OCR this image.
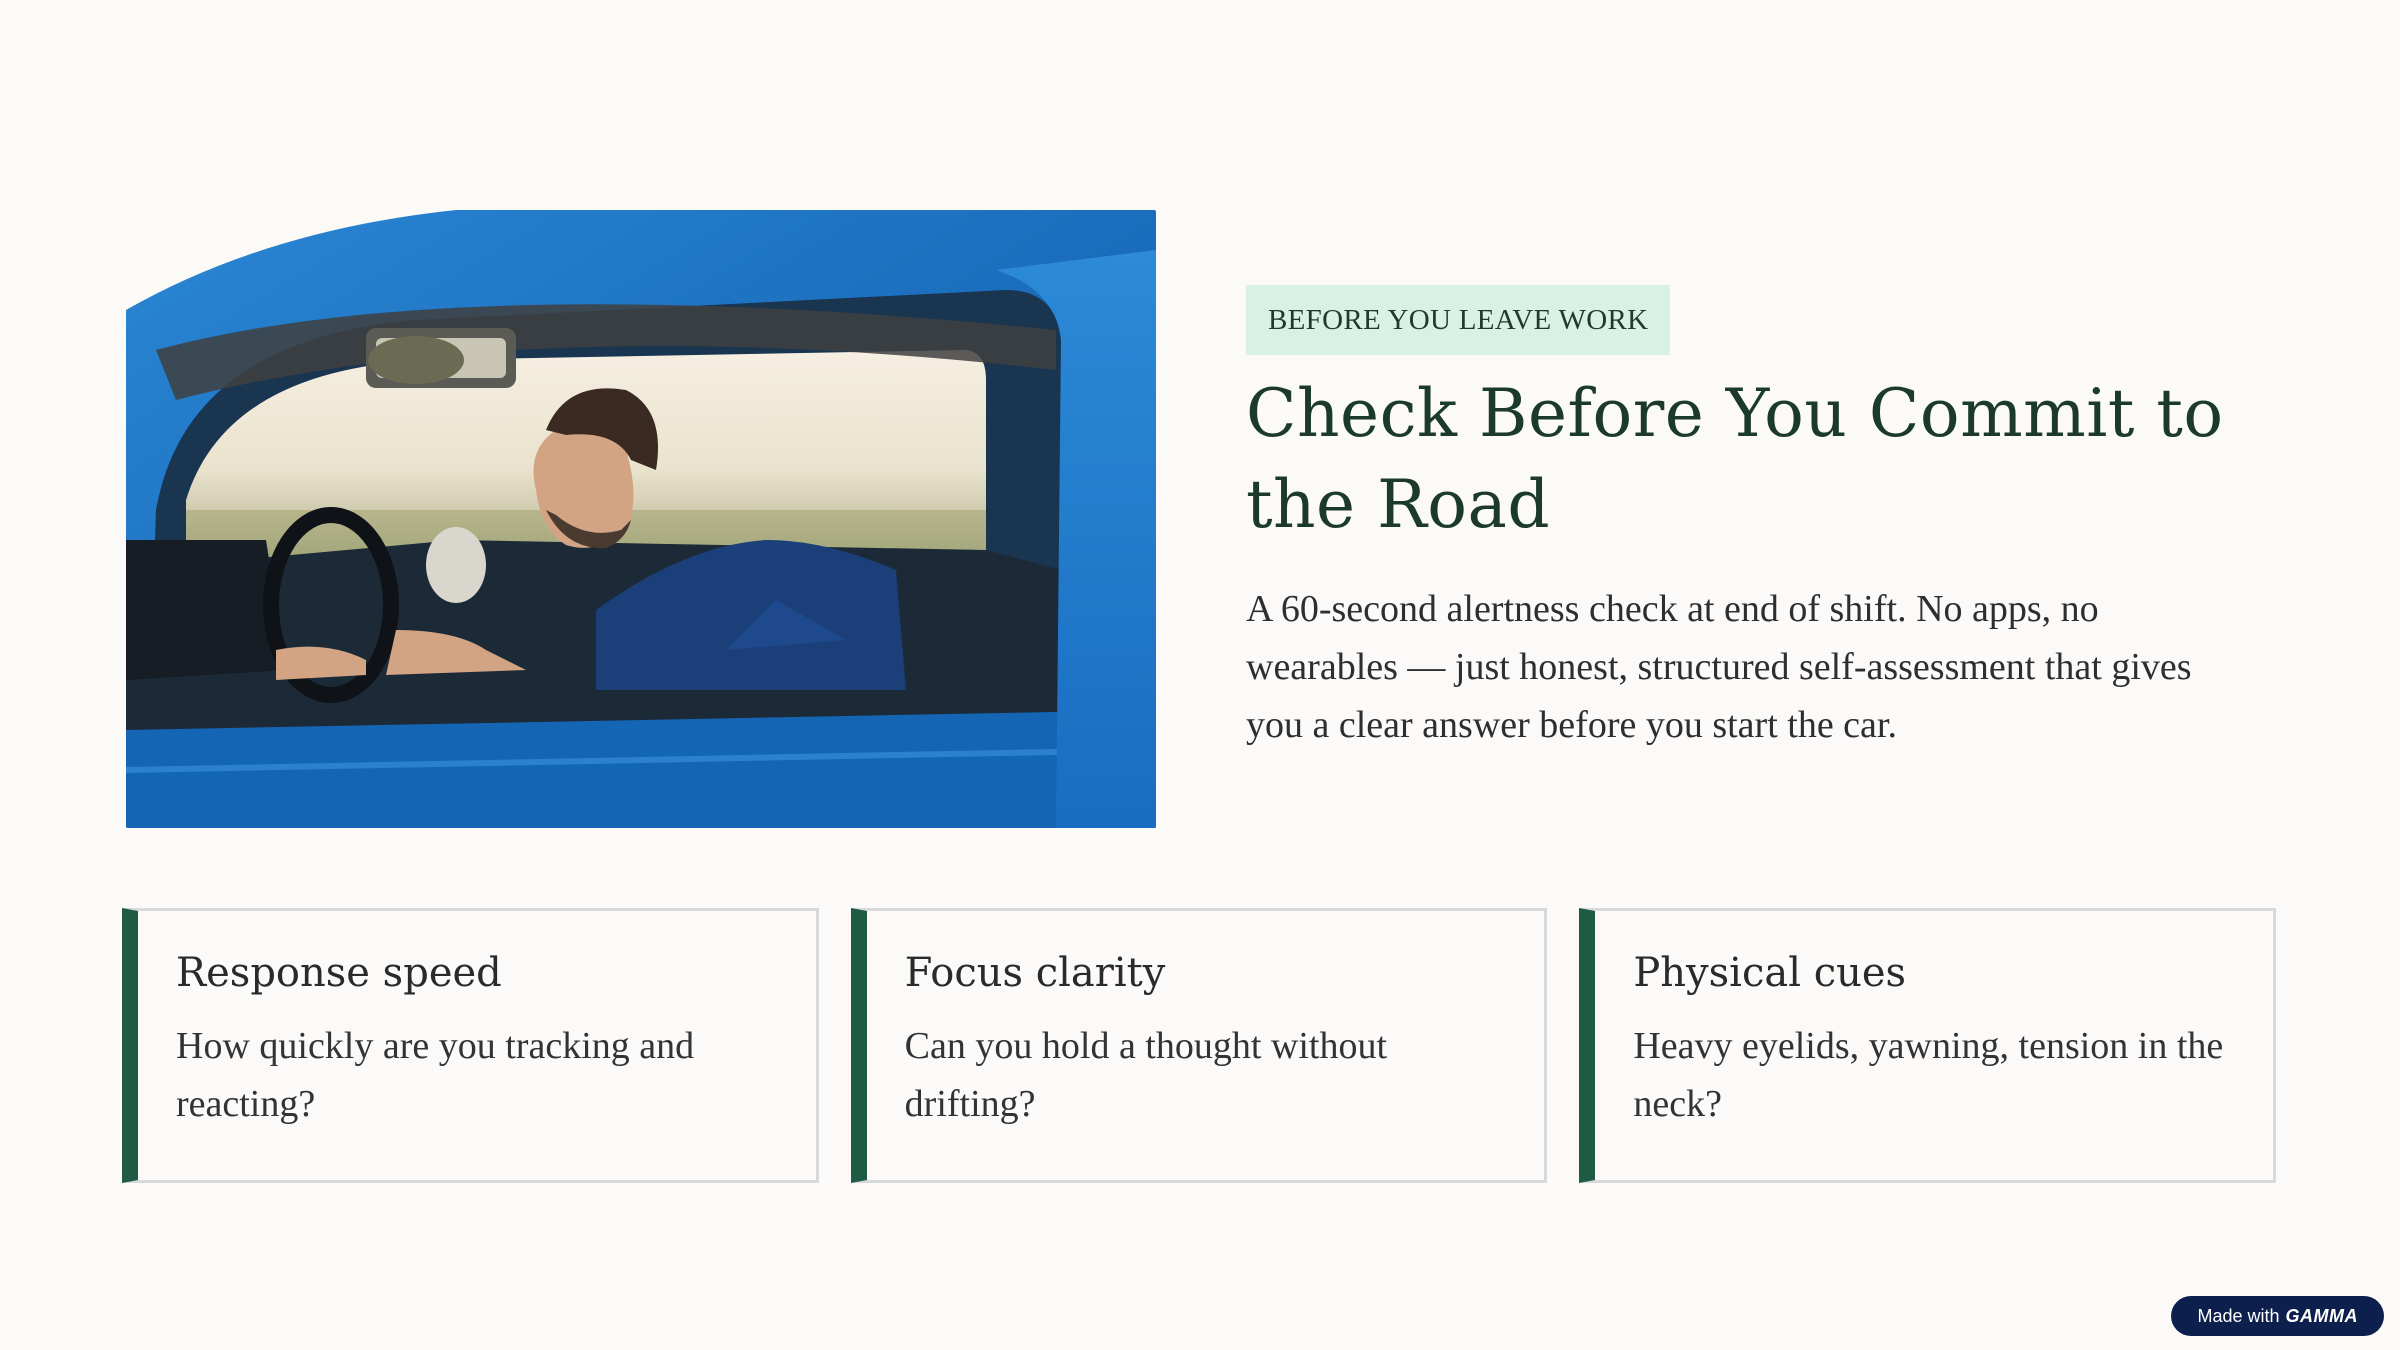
BEFORE YOU LEAVE WORK
Check Before You Commit to the Road

A 60-second alertness check at end of shift. No apps, no wearables — just honest, structured self-assessment that gives you a clear answer before you start the car.

Response speed
How quickly are you tracking and reacting?
Focus clarity
Can you hold a thought without drifting?
Physical cues
Heavy eyelids, yawning, tension in the neck?
Made with GAMMA
